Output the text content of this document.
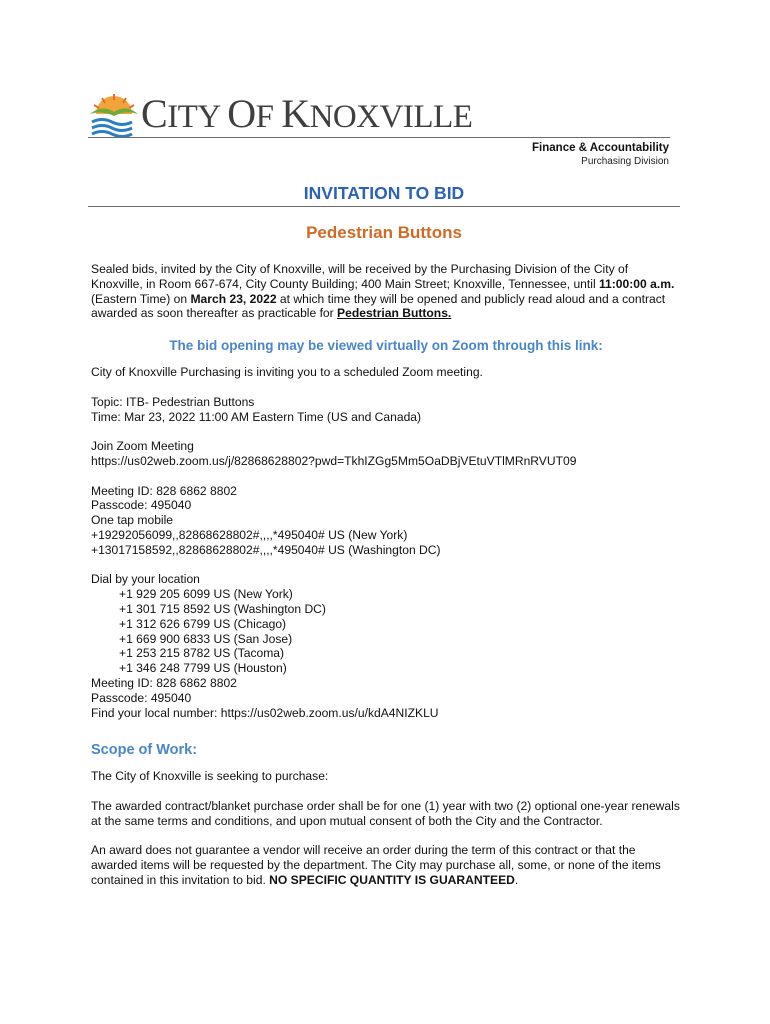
CITY OF KNOXVILLE
Finance & Accountability
Purchasing Division
INVITATION TO BID
Pedestrian Buttons

Sealed bids, invited by the City of Knoxville, will be received by the Purchasing Division of the City of Knoxville, in Room 667-674, City County Building; 400 Main Street; Knoxville, Tennessee, until 11:00:00 a.m. (Eastern Time) on March 23, 2022 at which time they will be opened and publicly read aloud and a contract awarded as soon thereafter as practicable for Pedestrian Buttons.

The bid opening may be viewed virtually on Zoom through this link:

City of Knoxville Purchasing is inviting you to a scheduled Zoom meeting.

Topic: ITB- Pedestrian Buttons

Time: Mar 23, 2022 11:00 AM Eastern Time (US and Canada)

Join Zoom Meeting

https://us02web.zoom.us/j/82868628802?pwd=TkhIZGg5Mm5OaDBjVEtuVTlMRnRVUT09

Meeting ID: 828 6862 8802

Passcode: 495040

One tap mobile

+19292056099,,82868628802#,,,,*495040# US (New York)

+13017158592,,82868628802#,,,,*495040# US (Washington DC)

Dial by your location

+1 929 205 6099 US (New York)

+1 301 715 8592 US (Washington DC)

+1 312 626 6799 US (Chicago)

+1 669 900 6833 US (San Jose)

+1 253 215 8782 US (Tacoma)

+1 346 248 7799 US (Houston)

Meeting ID: 828 6862 8802

Passcode: 495040

Find your local number: https://us02web.zoom.us/u/kdA4NIZKLU

Scope of Work:

The City of Knoxville is seeking to purchase:

The awarded contract/blanket purchase order shall be for one (1) year with two (2) optional one-year renewals at the same terms and conditions, and upon mutual consent of both the City and the Contractor.

An award does not guarantee a vendor will receive an order during the term of this contract or that the awarded items will be requested by the department. The City may purchase all, some, or none of the items contained in this invitation to bid. NO SPECIFIC QUANTITY IS GUARANTEED.
